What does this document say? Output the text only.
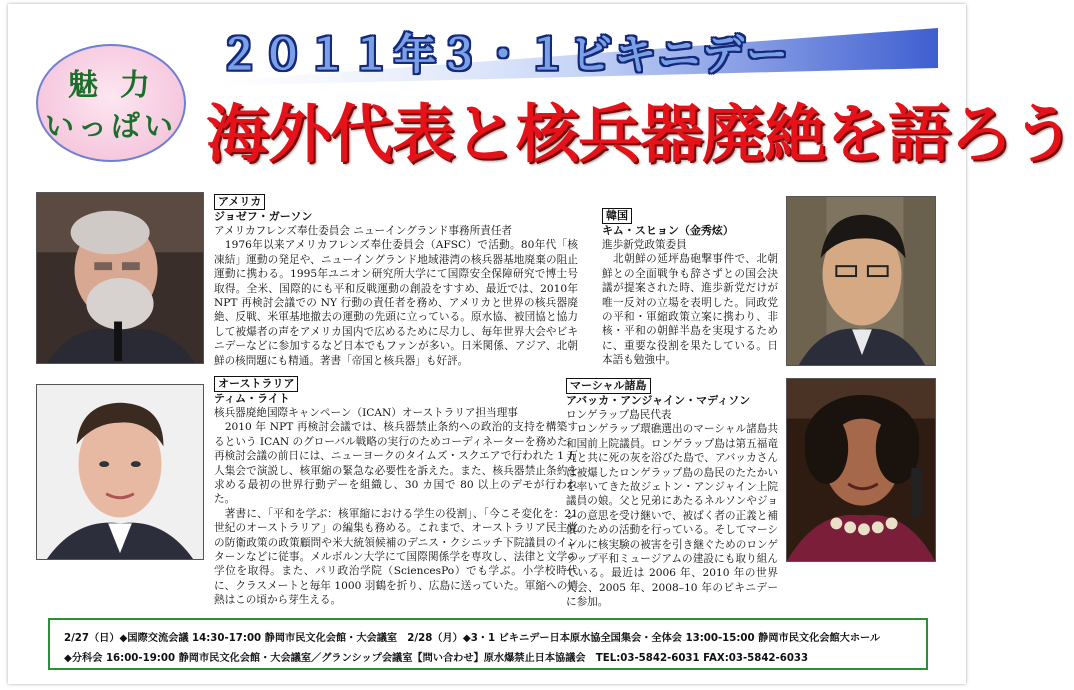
魅力
いっぱい
２０１１年３・１ビキニデー
海外代表と核兵器廃絶を語ろう
アメリカ
ジョゼフ・ガーソン
アメリカフレンズ奉仕委員会 ニューイングランド事務所責任者
　1976年以来アメリカフレンズ奉仕委員会（AFSC）で活動。80年代「核凍結」運動の発足や、ニューイングランド地域港湾の核兵器基地廃棄の阻止運動に携わる。1995年ユニオン研究所大学にて国際安全保障研究で博士号取得。全米、国際的にも平和反戦運動の創設をすすめ、最近では、2010年 NPT 再検討会議での NY 行動の責任者を務め、アメリカと世界の核兵器廃絶、反戦、米軍基地撤去の運動の先頭に立っている。原水協、被団協と協力して被爆者の声をアメリカ国内で広めるために尽力し、毎年世界大会やビキニデーなどに参加するなど日本でもファンが多い。日米関係、アジア、北朝鮮の核問題にも精通。著書「帝国と核兵器」も好評。
韓国
キム・スヒョン（金秀炫）
進歩新党政策委員
　北朝鮮の延坪島砲撃事件で、北朝鮮との全面戦争も辞さずとの国会決議が提案された時、進歩新党だけが唯一反対の立場を表明した。同政党の平和・軍縮政策立案に携わり、非核・平和の朝鮮半島を実現するために、重要な役割を果たしている。日本語も勉強中。
オーストラリア
ティム・ライト
核兵器廃絶国際キャンペーン（ICAN）オーストラリア担当理事
　2010 年 NPT 再検討会議では、核兵器禁止条約への政治的支持を構築するという ICAN のグローバル戦略の実行のためコーディネーターを務めた。再検討会議の前日には、ニューヨークのタイムズ・スクエアで行われた 1 万人集会で演説し、核軍縮の緊急な必要性を訴えた。また、核兵器禁止条約を求める最初の世界行動デーを組織し、30 カ国で 80 以上のデモが行われた。
　著書に、「平和を学ぶ：核軍縮における学生の役割」、「今こそ変化を：21 世紀のオーストラリア」の編集も務める。これまで、オーストラリア民主党の防衛政策の政策顧問や米大統領候補のデニス・クシニッチ下院議員のインターンなどに従事。メルボルン大学にて国際関係学を専攻し、法律と文学の学位を取得。また、パリ政治学院（SciencesPo）でも学ぶ。小学校時代に、クラスメートと毎年 1000 羽鶴を折り、広島に送っていた。軍縮への情熱はこの頃から芽生える。
マーシャル諸島
アバッカ・アンジャイン・マディソン
ロンゲラップ島民代表
　ロンゲラップ環礁選出のマーシャル諸島共和国前上院議員。ロンゲラップ島は第五福竜丸と共に死の灰を浴びた島で、アバッカさんは被爆したロンゲラップ島の島民のたたかいを率いてきた故ジェトン・アンジャイン上院議員の娘。父と兄弟にあたるネルソンやジョンの意思を受け継いで、被ばく者の正義と補償のための活動を行っている。そしてマーシャルに核実験の被害を引き継ぐためのロンゲラップ平和ミュージアムの建設にも取り組んでいる。最近は 2006 年、2010 年の世界大会、2005 年、2008–10 年のビキニデーに参加。
2/27（日）◆国際交流会議 14:30-17:00 静岡市民文化会館・大会議室　2/28（月）◆3・1 ビキニデー日本原水協全国集会・全体会 13:00-15:00 静岡市民文化会館大ホール
◆分科会 16:00-19:00 静岡市民文化会館・大会議室／グランシップ会議室【問い合わせ】原水爆禁止日本協議会　TEL:03-5842-6031 FAX:03-5842-6033
